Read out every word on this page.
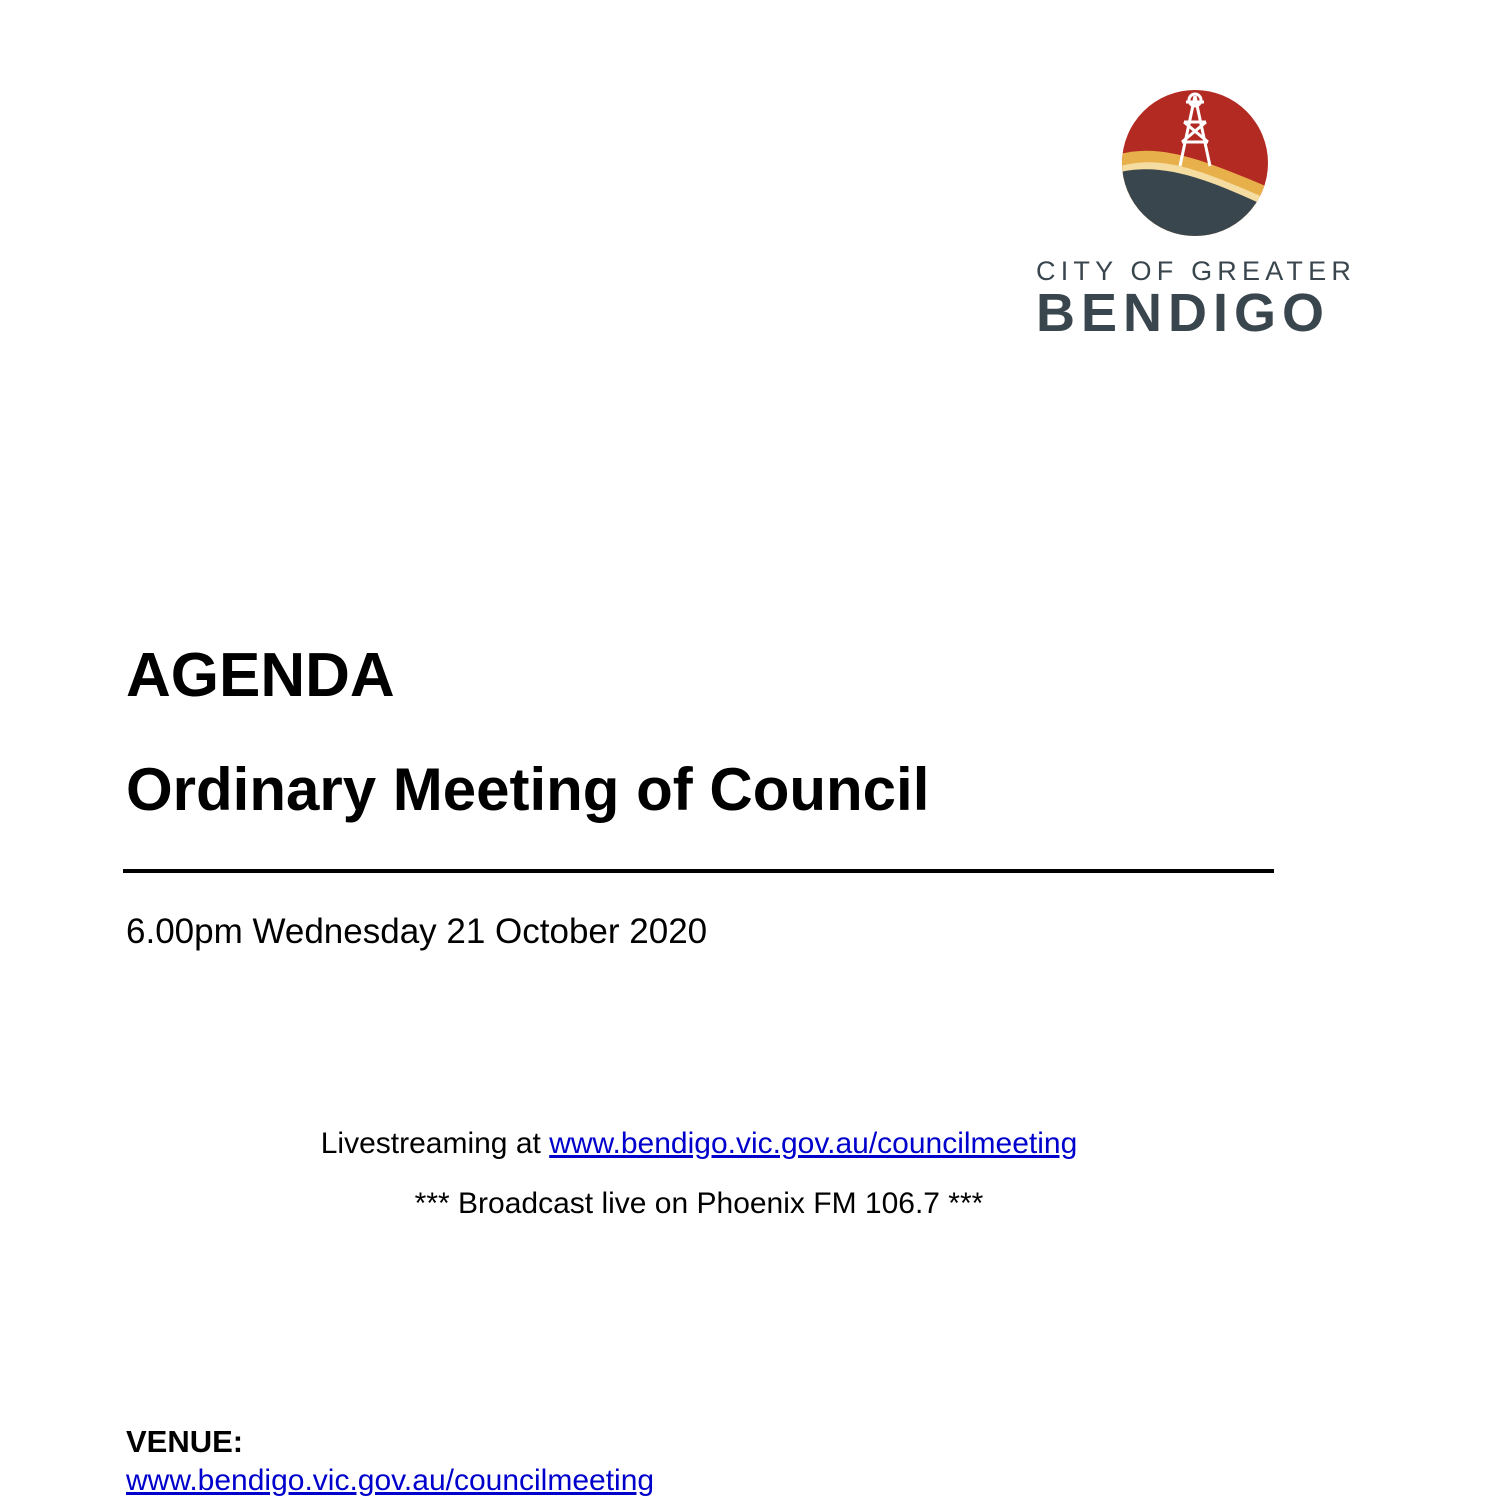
CITY OF GREATER
BENDIGO
AGENDA
Ordinary Meeting of Council
6.00pm Wednesday 21 October 2020
Livestreaming at www.bendigo.vic.gov.au/councilmeeting
*** Broadcast live on Phoenix FM 106.7 ***
VENUE:
www.bendigo.vic.gov.au/councilmeeting
